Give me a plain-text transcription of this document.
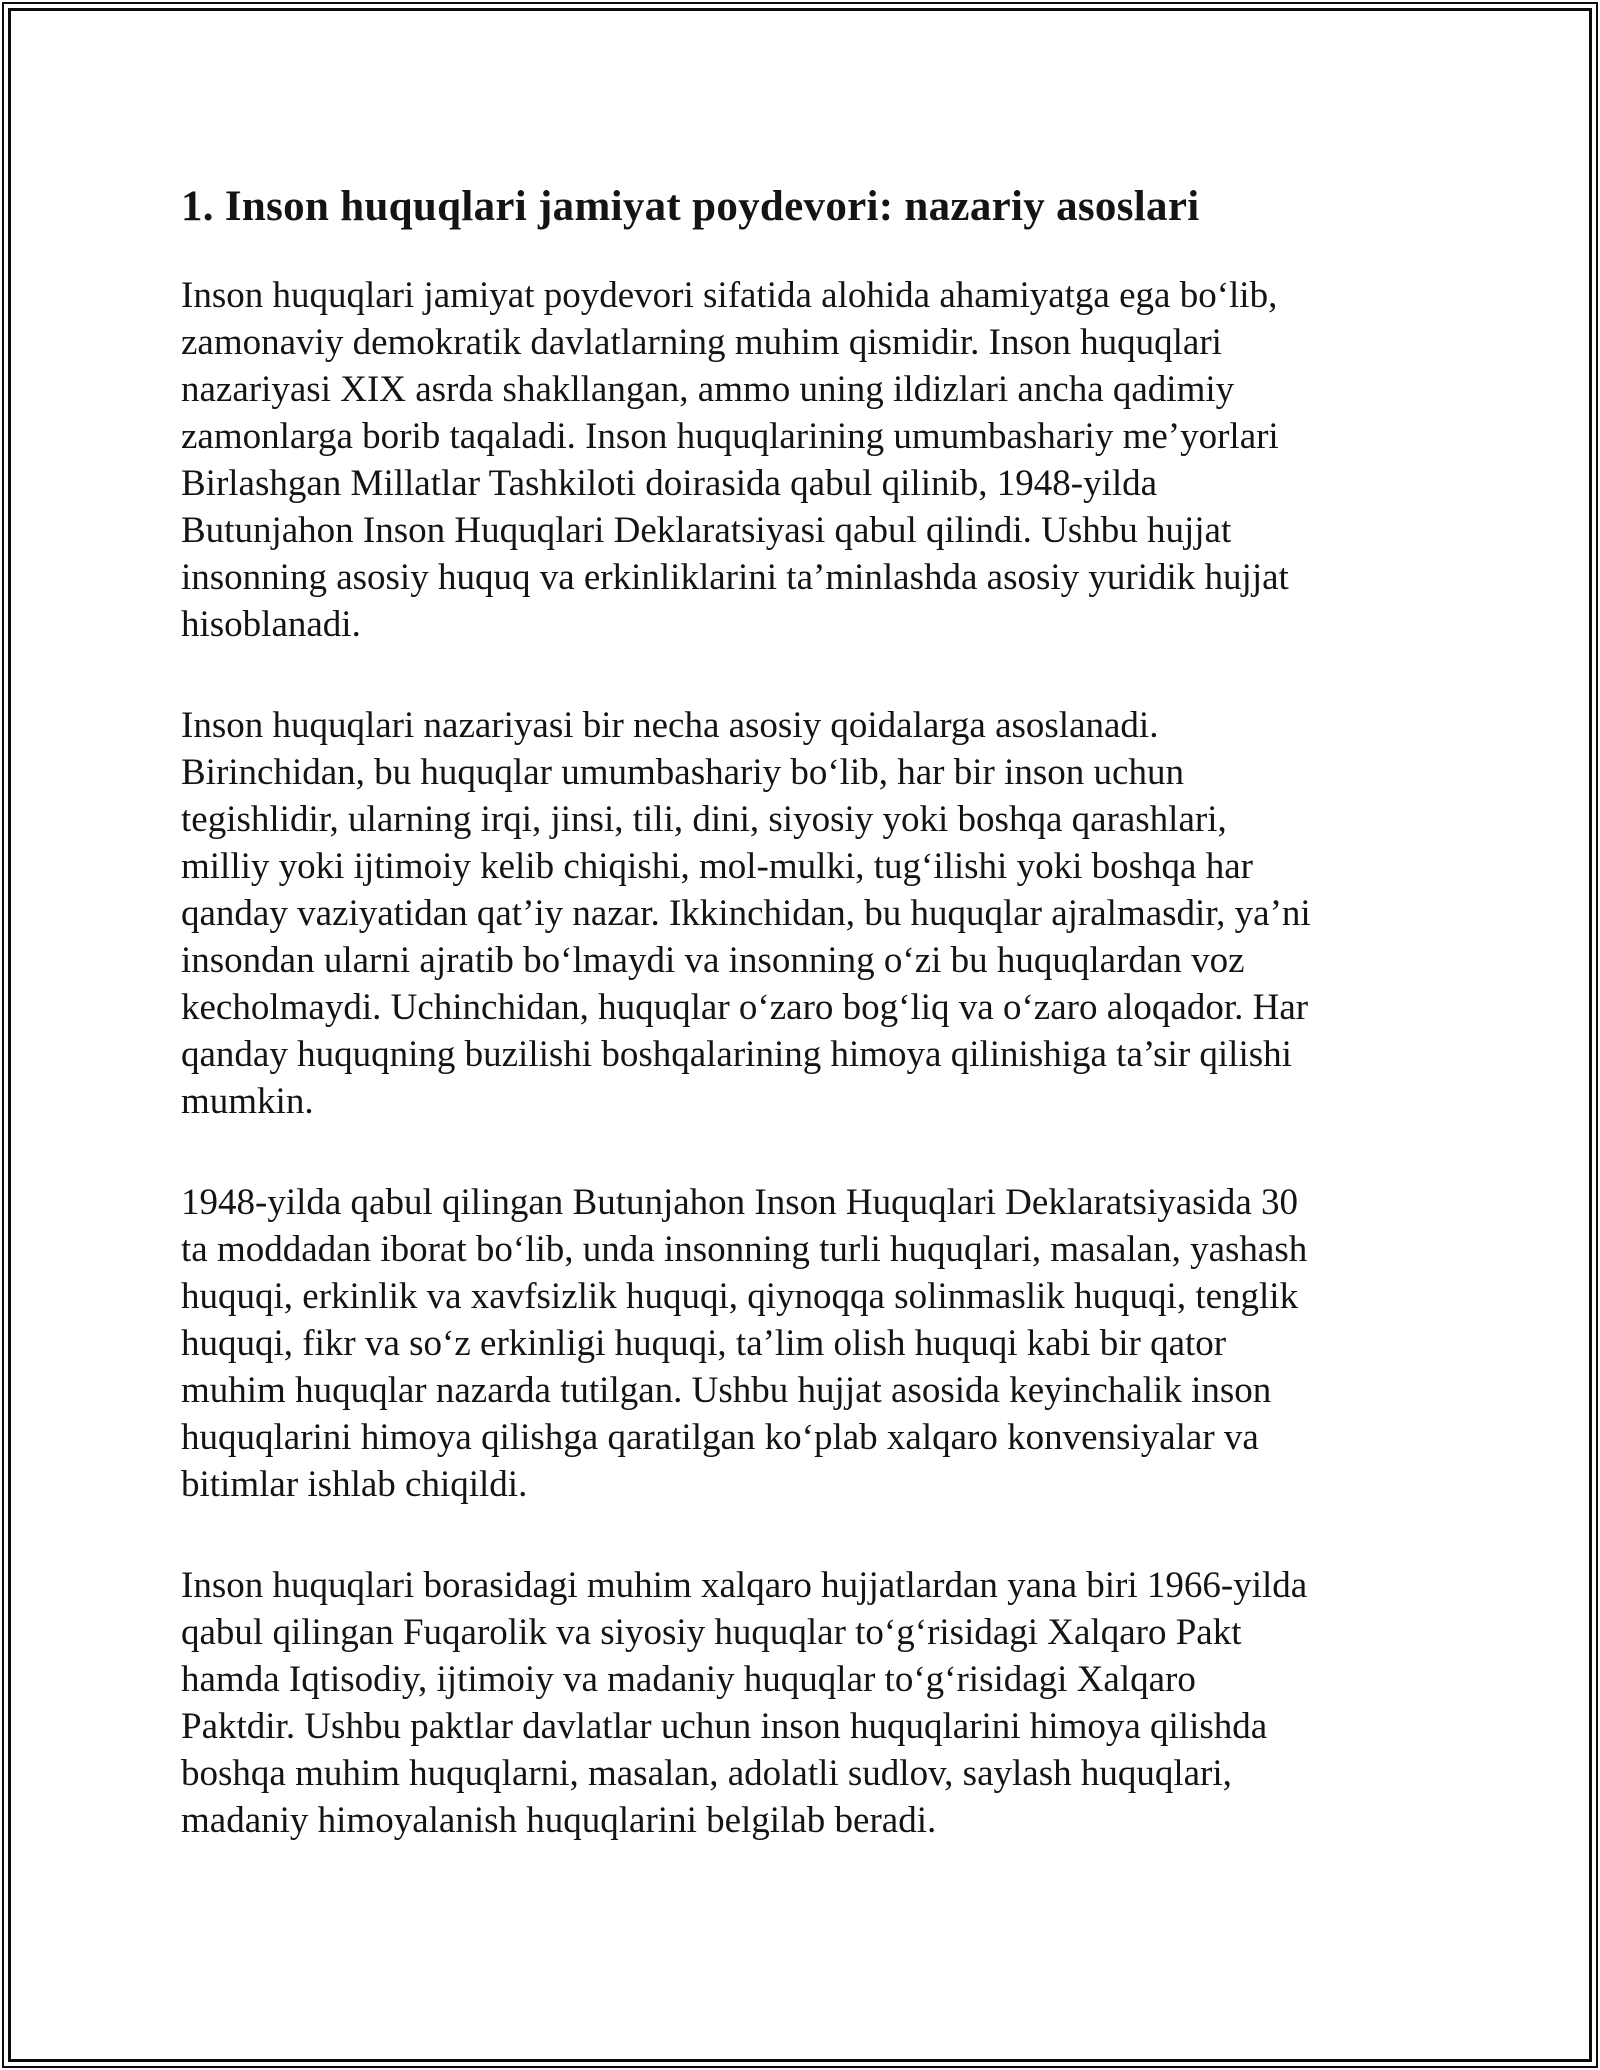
1. Inson huquqlari jamiyat poydevori: nazariy asoslari
Inson huquqlari jamiyat poydevori sifatida alohida ahamiyatga ega bo‘lib,
zamonaviy demokratik davlatlarning muhim qismidir. Inson huquqlari
nazariyasi XIX asrda shakllangan, ammo uning ildizlari ancha qadimiy
zamonlarga borib taqaladi. Inson huquqlarining umumbashariy me’yorlari
Birlashgan Millatlar Tashkiloti doirasida qabul qilinib, 1948-yilda
Butunjahon Inson Huquqlari Deklaratsiyasi qabul qilindi. Ushbu hujjat
insonning asosiy huquq va erkinliklarini ta’minlashda asosiy yuridik hujjat
hisoblanadi.
Inson huquqlari nazariyasi bir necha asosiy qoidalarga asoslanadi.
Birinchidan, bu huquqlar umumbashariy bo‘lib, har bir inson uchun
tegishlidir, ularning irqi, jinsi, tili, dini, siyosiy yoki boshqa qarashlari,
milliy yoki ijtimoiy kelib chiqishi, mol-mulki, tug‘ilishi yoki boshqa har
qanday vaziyatidan qat’iy nazar. Ikkinchidan, bu huquqlar ajralmasdir, ya’ni
insondan ularni ajratib bo‘lmaydi va insonning o‘zi bu huquqlardan voz
kecholmaydi. Uchinchidan, huquqlar o‘zaro bog‘liq va o‘zaro aloqador. Har
qanday huquqning buzilishi boshqalarining himoya qilinishiga ta’sir qilishi
mumkin.
1948-yilda qabul qilingan Butunjahon Inson Huquqlari Deklaratsiyasida 30
ta moddadan iborat bo‘lib, unda insonning turli huquqlari, masalan, yashash
huquqi, erkinlik va xavfsizlik huquqi, qiynoqqa solinmaslik huquqi, tenglik
huquqi, fikr va so‘z erkinligi huquqi, ta’lim olish huquqi kabi bir qator
muhim huquqlar nazarda tutilgan. Ushbu hujjat asosida keyinchalik inson
huquqlarini himoya qilishga qaratilgan ko‘plab xalqaro konvensiyalar va
bitimlar ishlab chiqildi.
Inson huquqlari borasidagi muhim xalqaro hujjatlardan yana biri 1966-yilda
qabul qilingan Fuqarolik va siyosiy huquqlar to‘g‘risidagi Xalqaro Pakt
hamda Iqtisodiy, ijtimoiy va madaniy huquqlar to‘g‘risidagi Xalqaro
Paktdir. Ushbu paktlar davlatlar uchun inson huquqlarini himoya qilishda
boshqa muhim huquqlarni, masalan, adolatli sudlov, saylash huquqlari,
madaniy himoyalanish huquqlarini belgilab beradi.
